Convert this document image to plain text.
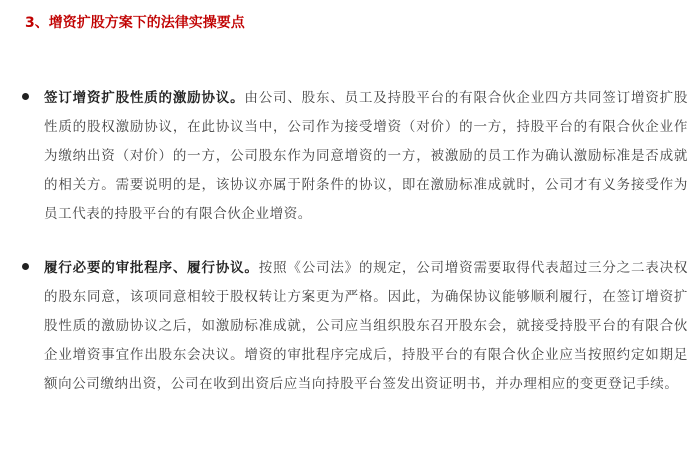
3、增资扩股方案下的法律实操要点
签订增资扩股性质的激励协议。由公司、股东、员工及持股平台的有限合伙企业四方共同签订增资扩股性质的股权激励协议，在此协议当中，公司作为接受增资（对价）的一方，持股平台的有限合伙企业作为缴纳出资（对价）的一方，公司股东作为同意增资的一方，被激励的员工作为确认激励标准是否成就的相关方。需要说明的是，该协议亦属于附条件的协议，即在激励标准成就时，公司才有义务接受作为员工代表的持股平台的有限合伙企业增资。
履行必要的审批程序、履行协议。按照《公司法》的规定，公司增资需要取得代表超过三分之二表决权的股东同意，该项同意相较于股权转让方案更为严格。因此，为确保协议能够顺利履行，在签订增资扩股性质的激励协议之后，如激励标准成就，公司应当组织股东召开股东会，就接受持股平台的有限合伙企业增资事宜作出股东会决议。增资的审批程序完成后，持股平台的有限合伙企业应当按照约定如期足额向公司缴纳出资，公司在收到出资后应当向持股平台签发出资证明书，并办理相应的变更登记手续。
